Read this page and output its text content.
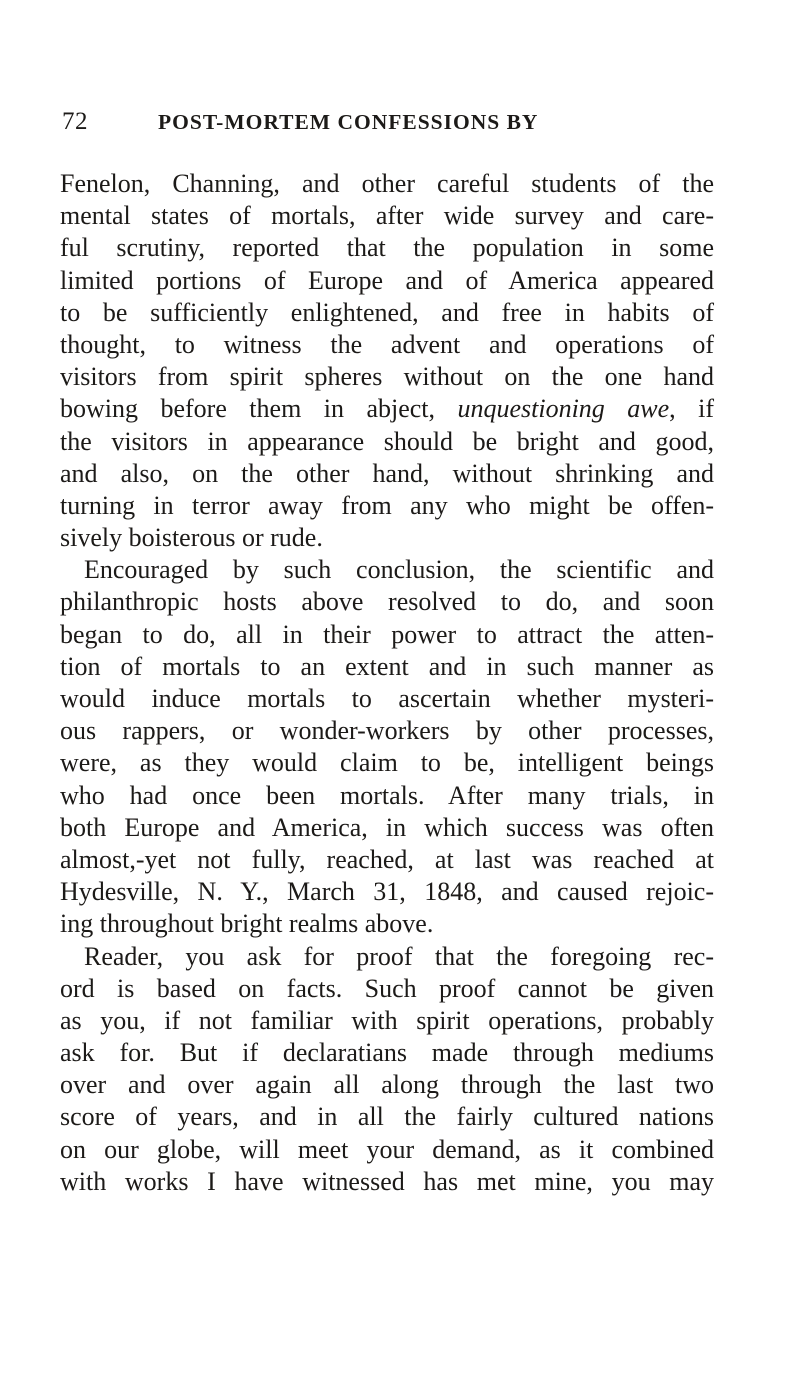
72	POST-MORTEM CONFESSIONS BY
Fenelon, Channing, and other careful students of the
mental states of mortals, after wide survey and care-
ful scrutiny, reported that the population in some
limited portions of Europe and of America appeared
to be sufficiently enlightened, and free in habits of
thought, to witness the advent and operations of
visitors from spirit spheres without on the one hand
bowing before them in abject, unquestioning awe, if
the visitors in appearance should be bright and good,
and also, on the other hand, without shrinking and
turning in terror away from any who might be offen-
sively boisterous or rude.
Encouraged by such conclusion, the scientific and
philanthropic hosts above resolved to do, and soon
began to do, all in their power to attract the atten-
tion of mortals to an extent and in such manner as
would induce mortals to ascertain whether mysteri-
ous rappers, or wonder-workers by other processes,
were, as they would claim to be, intelligent beings
who had once been mortals. After many trials, in
both Europe and America, in which success was often
almost,-yet not fully, reached, at last was reached at
Hydesville, N. Y., March 31, 1848, and caused rejoic-
ing throughout bright realms above.
Reader, you ask for proof that the foregoing rec-
ord is based on facts. Such proof cannot be given
as you, if not familiar with spirit operations, probably
ask for. But if declaratians made through mediums
over and over again all along through the last two
score of years, and in all the fairly cultured nations
on our globe, will meet your demand, as it combined
with works I have witnessed has met mine, you may
